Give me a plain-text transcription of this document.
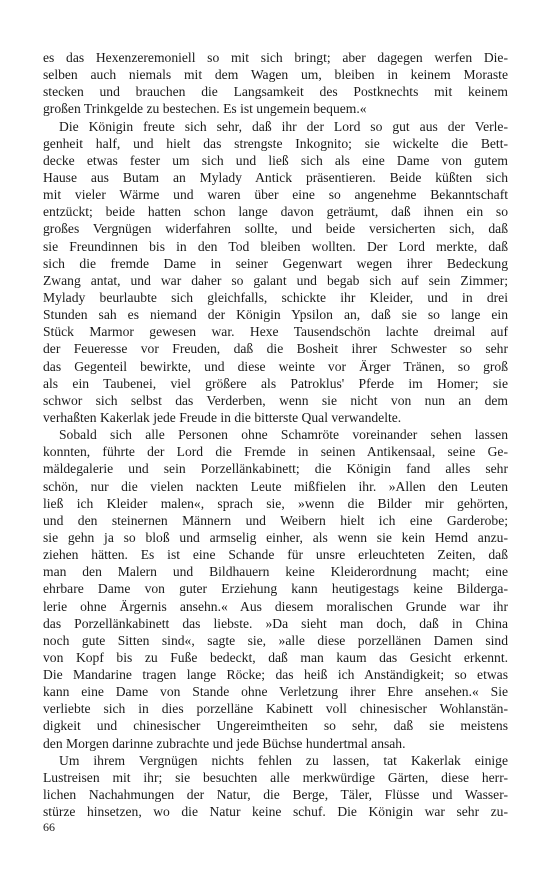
es das Hexenzeremoniell so mit sich bringt; aber dagegen werfen Die-
selben auch niemals mit dem Wagen um, bleiben in keinem Moraste
stecken und brauchen die Langsamkeit des Postknechts mit keinem
großen Trinkgelde zu bestechen. Es ist ungemein bequem.«
Die Königin freute sich sehr, daß ihr der Lord so gut aus der Verle-
genheit half, und hielt das strengste Inkognito; sie wickelte die Bett-
decke etwas fester um sich und ließ sich als eine Dame von gutem
Hause aus Butam an Mylady Antick präsentieren. Beide küßten sich
mit vieler Wärme und waren über eine so angenehme Bekanntschaft
entzückt; beide hatten schon lange davon geträumt, daß ihnen ein so
großes Vergnügen widerfahren sollte, und beide versicherten sich, daß
sie Freundinnen bis in den Tod bleiben wollten. Der Lord merkte, daß
sich die fremde Dame in seiner Gegenwart wegen ihrer Bedeckung
Zwang antat, und war daher so galant und begab sich auf sein Zimmer;
Mylady beurlaubte sich gleichfalls, schickte ihr Kleider, und in drei
Stunden sah es niemand der Königin Ypsilon an, daß sie so lange ein
Stück Marmor gewesen war. Hexe Tausendschön lachte dreimal auf
der Feueresse vor Freuden, daß die Bosheit ihrer Schwester so sehr
das Gegenteil bewirkte, und diese weinte vor Ärger Tränen, so groß
als ein Taubenei, viel größere als Patroklus' Pferde im Homer; sie
schwor sich selbst das Verderben, wenn sie nicht von nun an dem
verhaßten Kakerlak jede Freude in die bitterste Qual verwandelte.
Sobald sich alle Personen ohne Schamröte voreinander sehen lassen
konnten, führte der Lord die Fremde in seinen Antikensaal, seine Ge-
mäldegalerie und sein Porzellänkabinett; die Königin fand alles sehr
schön, nur die vielen nackten Leute mißfielen ihr. »Allen den Leuten
ließ ich Kleider malen«, sprach sie, »wenn die Bilder mir gehörten,
und den steinernen Männern und Weibern hielt ich eine Garderobe;
sie gehn ja so bloß und armselig einher, als wenn sie kein Hemd anzu-
ziehen hätten. Es ist eine Schande für unsre erleuchteten Zeiten, daß
man den Malern und Bildhauern keine Kleiderordnung macht; eine
ehrbare Dame von guter Erziehung kann heutigestags keine Bilderga-
lerie ohne Ärgernis ansehn.« Aus diesem moralischen Grunde war ihr
das Porzellänkabinett das liebste. »Da sieht man doch, daß in China
noch gute Sitten sind«, sagte sie, »alle diese porzellänen Damen sind
von Kopf bis zu Fuße bedeckt, daß man kaum das Gesicht erkennt.
Die Mandarine tragen lange Röcke; das heiß ich Anständigkeit; so etwas
kann eine Dame von Stande ohne Verletzung ihrer Ehre ansehen.« Sie
verliebte sich in dies porzelläne Kabinett voll chinesischer Wohlanstän-
digkeit und chinesischer Ungereimtheiten so sehr, daß sie meistens
den Morgen darinne zubrachte und jede Büchse hundertmal ansah.
Um ihrem Vergnügen nichts fehlen zu lassen, tat Kakerlak einige
Lustreisen mit ihr; sie besuchten alle merkwürdige Gärten, diese herr-
lichen Nachahmungen der Natur, die Berge, Täler, Flüsse und Wasser-
stürze hinsetzen, wo die Natur keine schuf. Die Königin war sehr zu-
66
